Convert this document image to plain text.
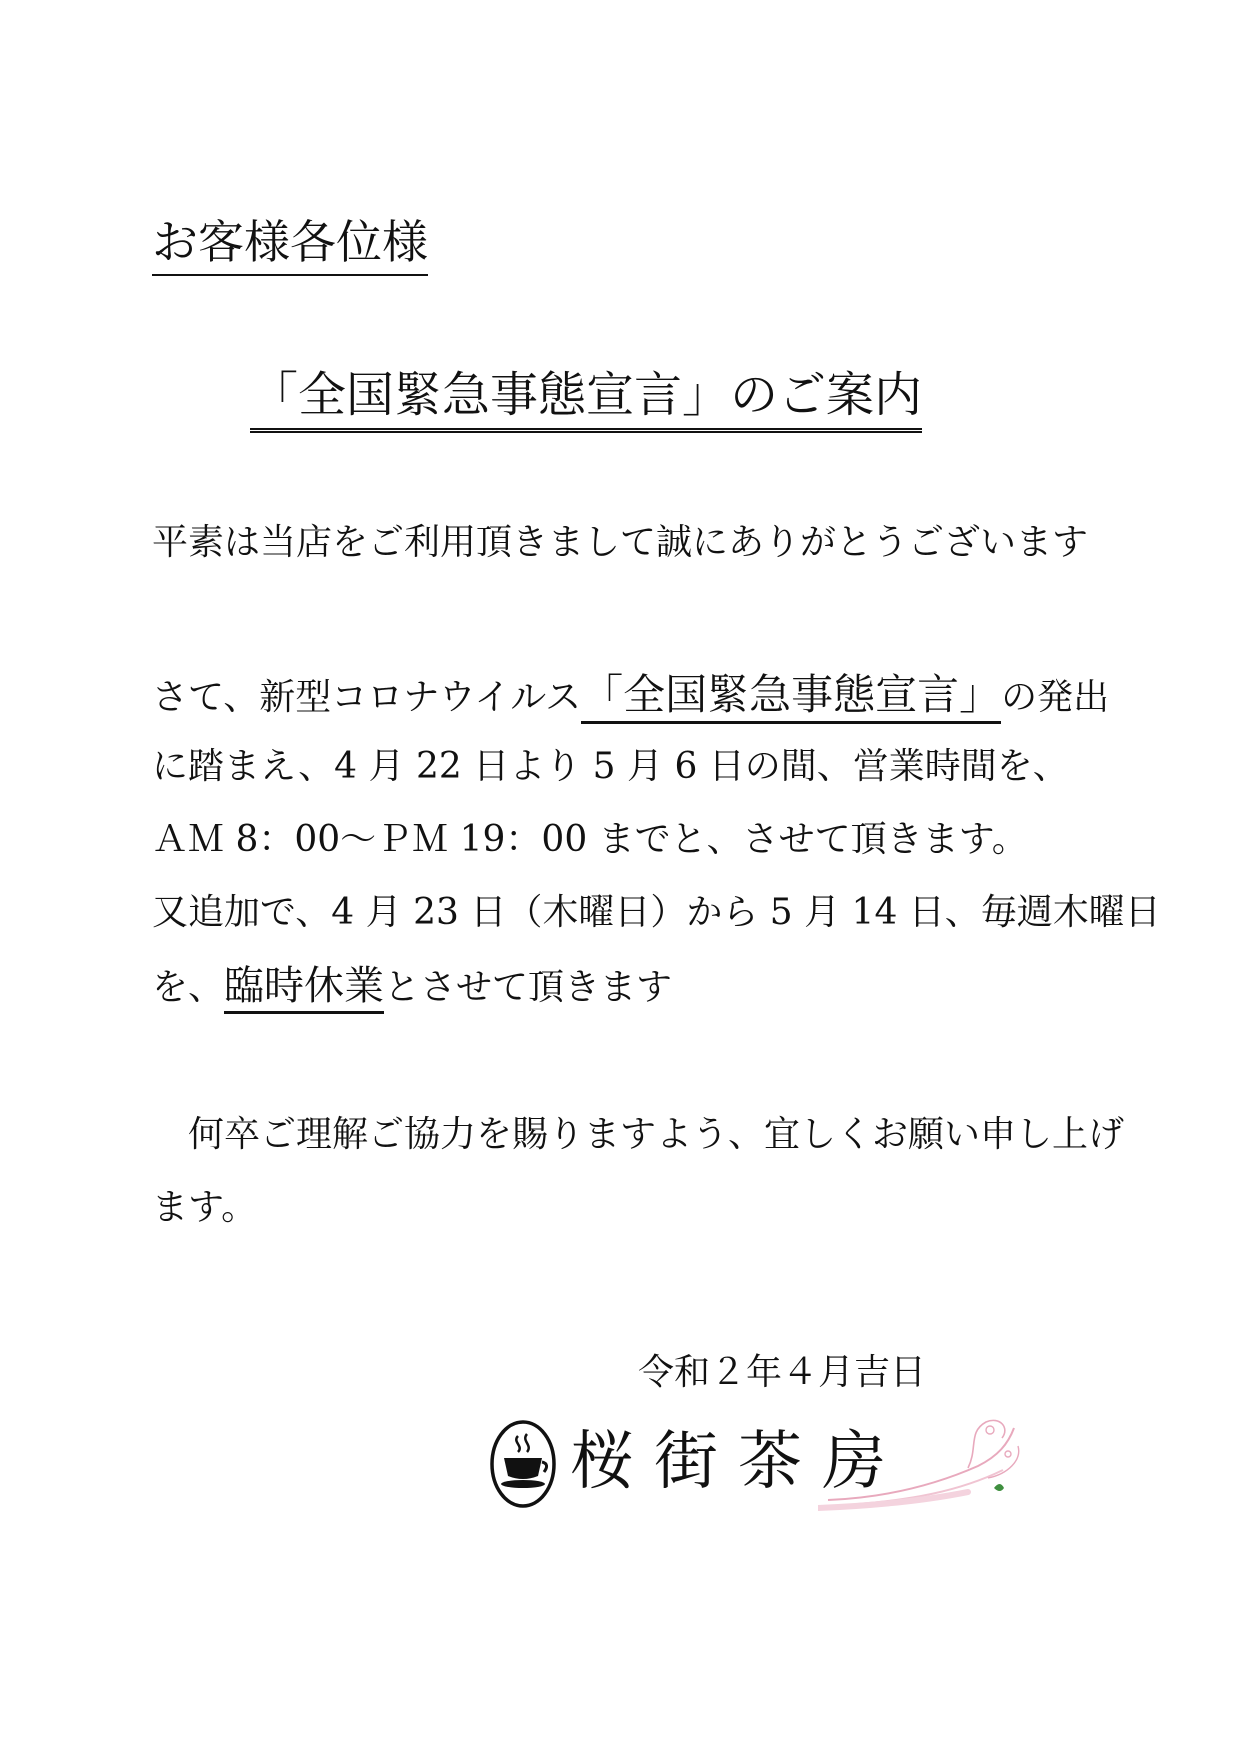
お客様各位様
「全国緊急事態宣言」のご案内
平素は当店をご利用頂きまして誠にありがとうございます
さて、新型コロナウイルス「全国緊急事態宣言」の発出
に踏まえ、4 月 22 日より 5 月 6 日の間、営業時間を、
ＡＭ 8：00～ＰＭ 19：00 までと、させて頂きます。
又追加で、4 月 23 日（木曜日）から 5 月 14 日、毎週木曜日
を、臨時休業とさせて頂きます
　何卒ご理解ご協力を賜りますよう、宜しくお願い申し上げ
ます。
令和２年４月吉日
桜街茶房
